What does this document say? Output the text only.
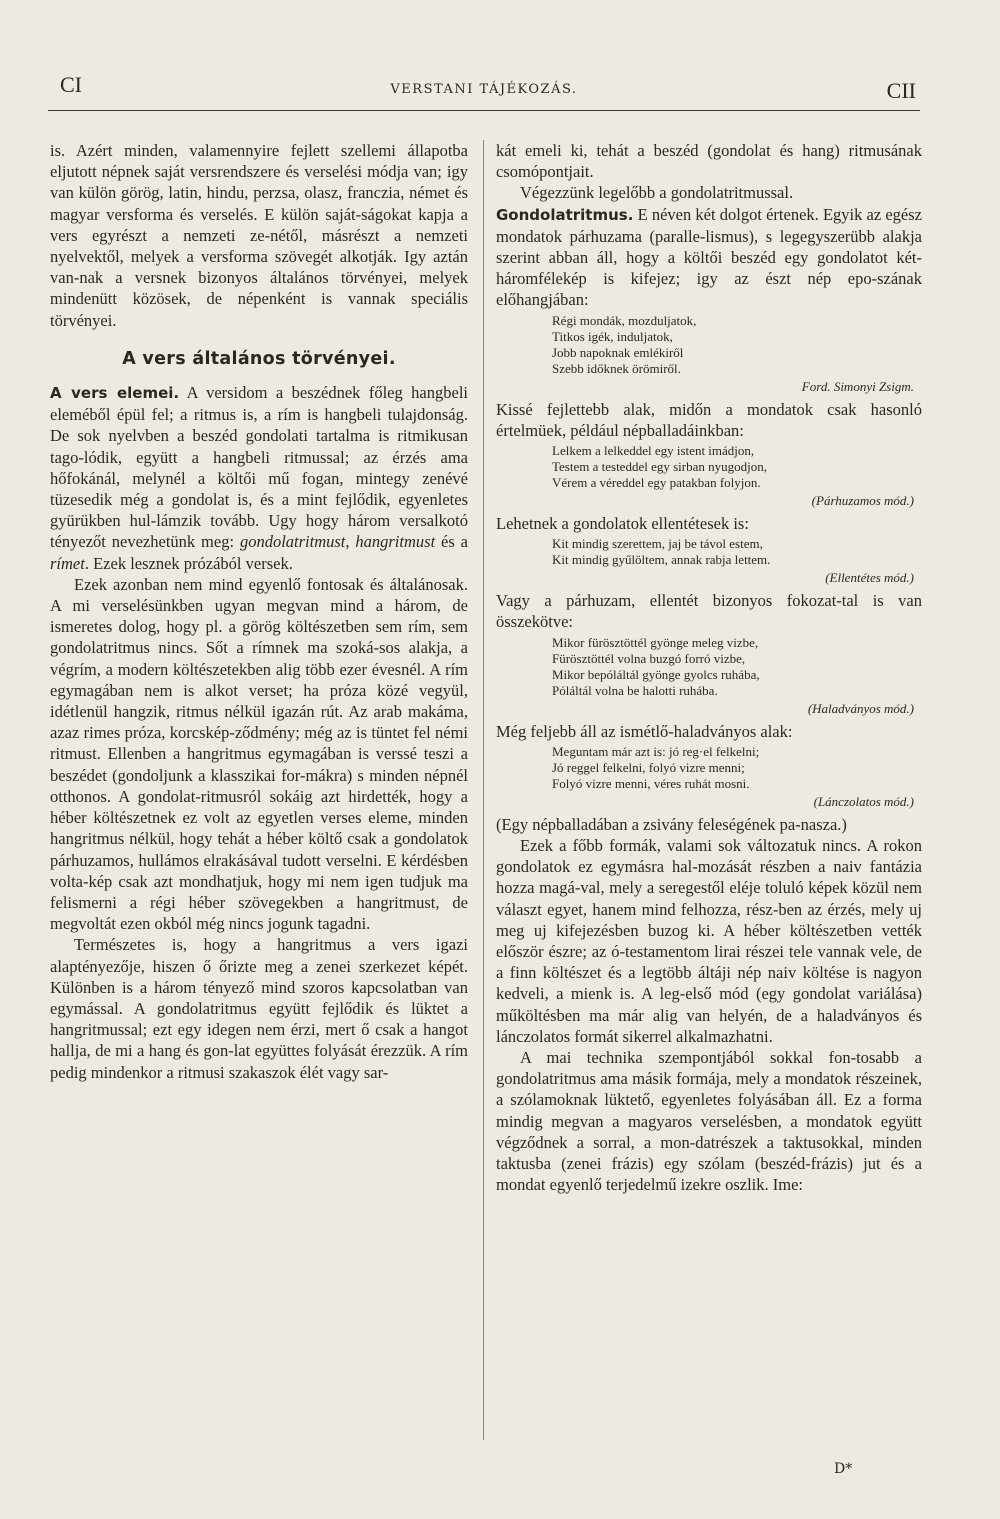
CI	VERSTANI TÁJÉKOZÁS.	CII

is. Azért minden, valamennyire fejlett szellemi állapotba eljutott népnek saját versrendszere és verselési módja van; igy van külön görög, latin, hindu, perzsa, olasz, franczia, német és magyar versforma és verselés. E külön saját-ságokat kapja a vers egyrészt a nemzeti ze-nétől, másrészt a nemzeti nyelvektől, melyek a versforma szövegét alkotják. Igy aztán van-nak a versnek bizonyos általános törvényei, melyek mindenütt közösek, de népenként is vannak speciális törvényei.

A vers általános törvényei.

A vers elemei. A versidom a beszédnek főleg hangbeli eleméből épül fel; a ritmus is, a rím is hangbeli tulajdonság. De sok nyelvben a beszéd gondolati tartalma is ritmikusan tago-lódik, együtt a hangbeli ritmussal; az érzés ama hőfokánál, melynél a költői mű fogan, mintegy zenévé tüzesedik még a gondolat is, és a mint fejlődik, egyenletes gyürükben hul-lámzik tovább. Ugy hogy három versalkotó tényezőt nevezhetünk meg: gondolatritmust, hangritmust és a rímet. Ezek lesznek prózából versek.

Ezek azonban nem mind egyenlő fontosak és általánosak. A mi verselésünkben ugyan megvan mind a három, de ismeretes dolog, hogy pl. a görög költészetben sem rím, sem gondolatritmus nincs. Sőt a rímnek ma szoká-sos alakja, a végrím, a modern költészetekben alig több ezer évesnél. A rím egymagában nem is alkot verset; ha próza közé vegyül, idétlenül hangzik, ritmus nélkül igazán rút. Az arab makáma, azaz rimes próza, korcskép-ződmény; még az is tüntet fel némi ritmust. Ellenben a hangritmus egymagában is verssé teszi a beszédet (gondoljunk a klasszikai for-mákra) s minden népnél otthonos. A gondolat-ritmusról sokáig azt hirdették, hogy a héber költészetnek ez volt az egyetlen verses eleme, minden hangritmus nélkül, hogy tehát a héber költő csak a gondolatok párhuzamos, hullámos elrakásával tudott verselni. E kérdésben volta-kép csak azt mondhatjuk, hogy mi nem igen tudjuk ma felismerni a régi héber szövegekben a hangritmust, de megvoltát ezen okból még nincs jogunk tagadni.

Természetes is, hogy a hangritmus a vers igazi alaptényezője, hiszen ő őrizte meg a zenei szerkezet képét. Különben is a három tényező mind szoros kapcsolatban van egymással. A gondolatritmus együtt fejlődik és lüktet a hangritmussal; ezt egy idegen nem érzi, mert ő csak a hangot hallja, de mi a hang és gon-lat együttes folyását érezzük. A rím pedig mindenkor a ritmusi szakaszok élét vagy sar-

kát emeli ki, tehát a beszéd (gondolat és hang) ritmusának csomópontjait.

Végezzünk legelőbb a gondolatritmussal.

Gondolatritmus. E néven két dolgot értenek. Egyik az egész mondatok párhuzama (paralle-lismus), s legegyszerübb alakja szerint abban áll, hogy a költői beszéd egy gondolatot két-háromfélekép is kifejez; igy az észt nép epo-szának előhangjában:

Régi mondák, mozduljatok,
Titkos igék, induljatok,
Jobb napoknak emlékiről
Szebb időknek örömiről.
Ford. Simonyi Zsigm.

Kissé fejlettebb alak, midőn a mondatok csak hasonló értelmüek, például népballadáinkban:

Lelkem a lelkeddel egy istent imádjon,
Testem a testeddel egy sirban nyugodjon,
Vérem a véreddel egy patakban folyjon.
(Párhuzamos mód.)

Lehetnek a gondolatok ellentétesek is:

Kit mindig szerettem, jaj be távol estem,
Kit mindig gyűlöltem, annak rabja lettem.
(Ellentétes mód.)

Vagy a párhuzam, ellentét bizonyos fokozat-tal is van összekötve:

Mikor fürösztöttél gyönge meleg vizbe,
Fürösztöttél volna buzgó forró vizbe,
Mikor bepóláltál gyönge gyolcs ruhába,
Póláltál volna be halotti ruhába.
(Haladványos mód.)

Még feljebb áll az ismétlő-haladványos alak:

Meguntam már azt is: jó reg·el felkelni;
Jó reggel felkelni, folyó vizre menni;
Folyó vizre menni, véres ruhát mosni.
(Lánczolatos mód.)

(Egy népballadában a zsivány feleségének pa-nasza.)

Ezek a főbb formák, valami sok változatuk nincs. A rokon gondolatok ez egymásra hal-mozását részben a naiv fantázia hozza magá-val, mely a seregestől eléje toluló képek közül nem választ egyet, hanem mind felhozza, rész-ben az érzés, mely uj meg uj kifejezésben buzog ki. A héber költészetben vették először észre; az ó-testamentom lirai részei tele vannak vele, de a finn költészet és a legtöbb áltáji nép naiv költése is nagyon kedveli, a mienk is. A leg-első mód (egy gondolat variálása) műköltésben ma már alig van helyén, de a haladványos és lánczolatos formát sikerrel alkalmazhatni.

A mai technika szempontjából sokkal fon-tosabb a gondolatritmus ama másik formája, mely a mondatok részeinek, a szólamoknak lüktető, egyenletes folyásában áll. Ez a forma mindig megvan a magyaros verselésben, a mondatok együtt végződnek a sorral, a mon-datrészek a taktusokkal, minden taktusba (zenei frázis) egy szólam (beszéd-frázis) jut és a mondat egyenlő terjedelmű izekre oszlik. Ime:

D*
